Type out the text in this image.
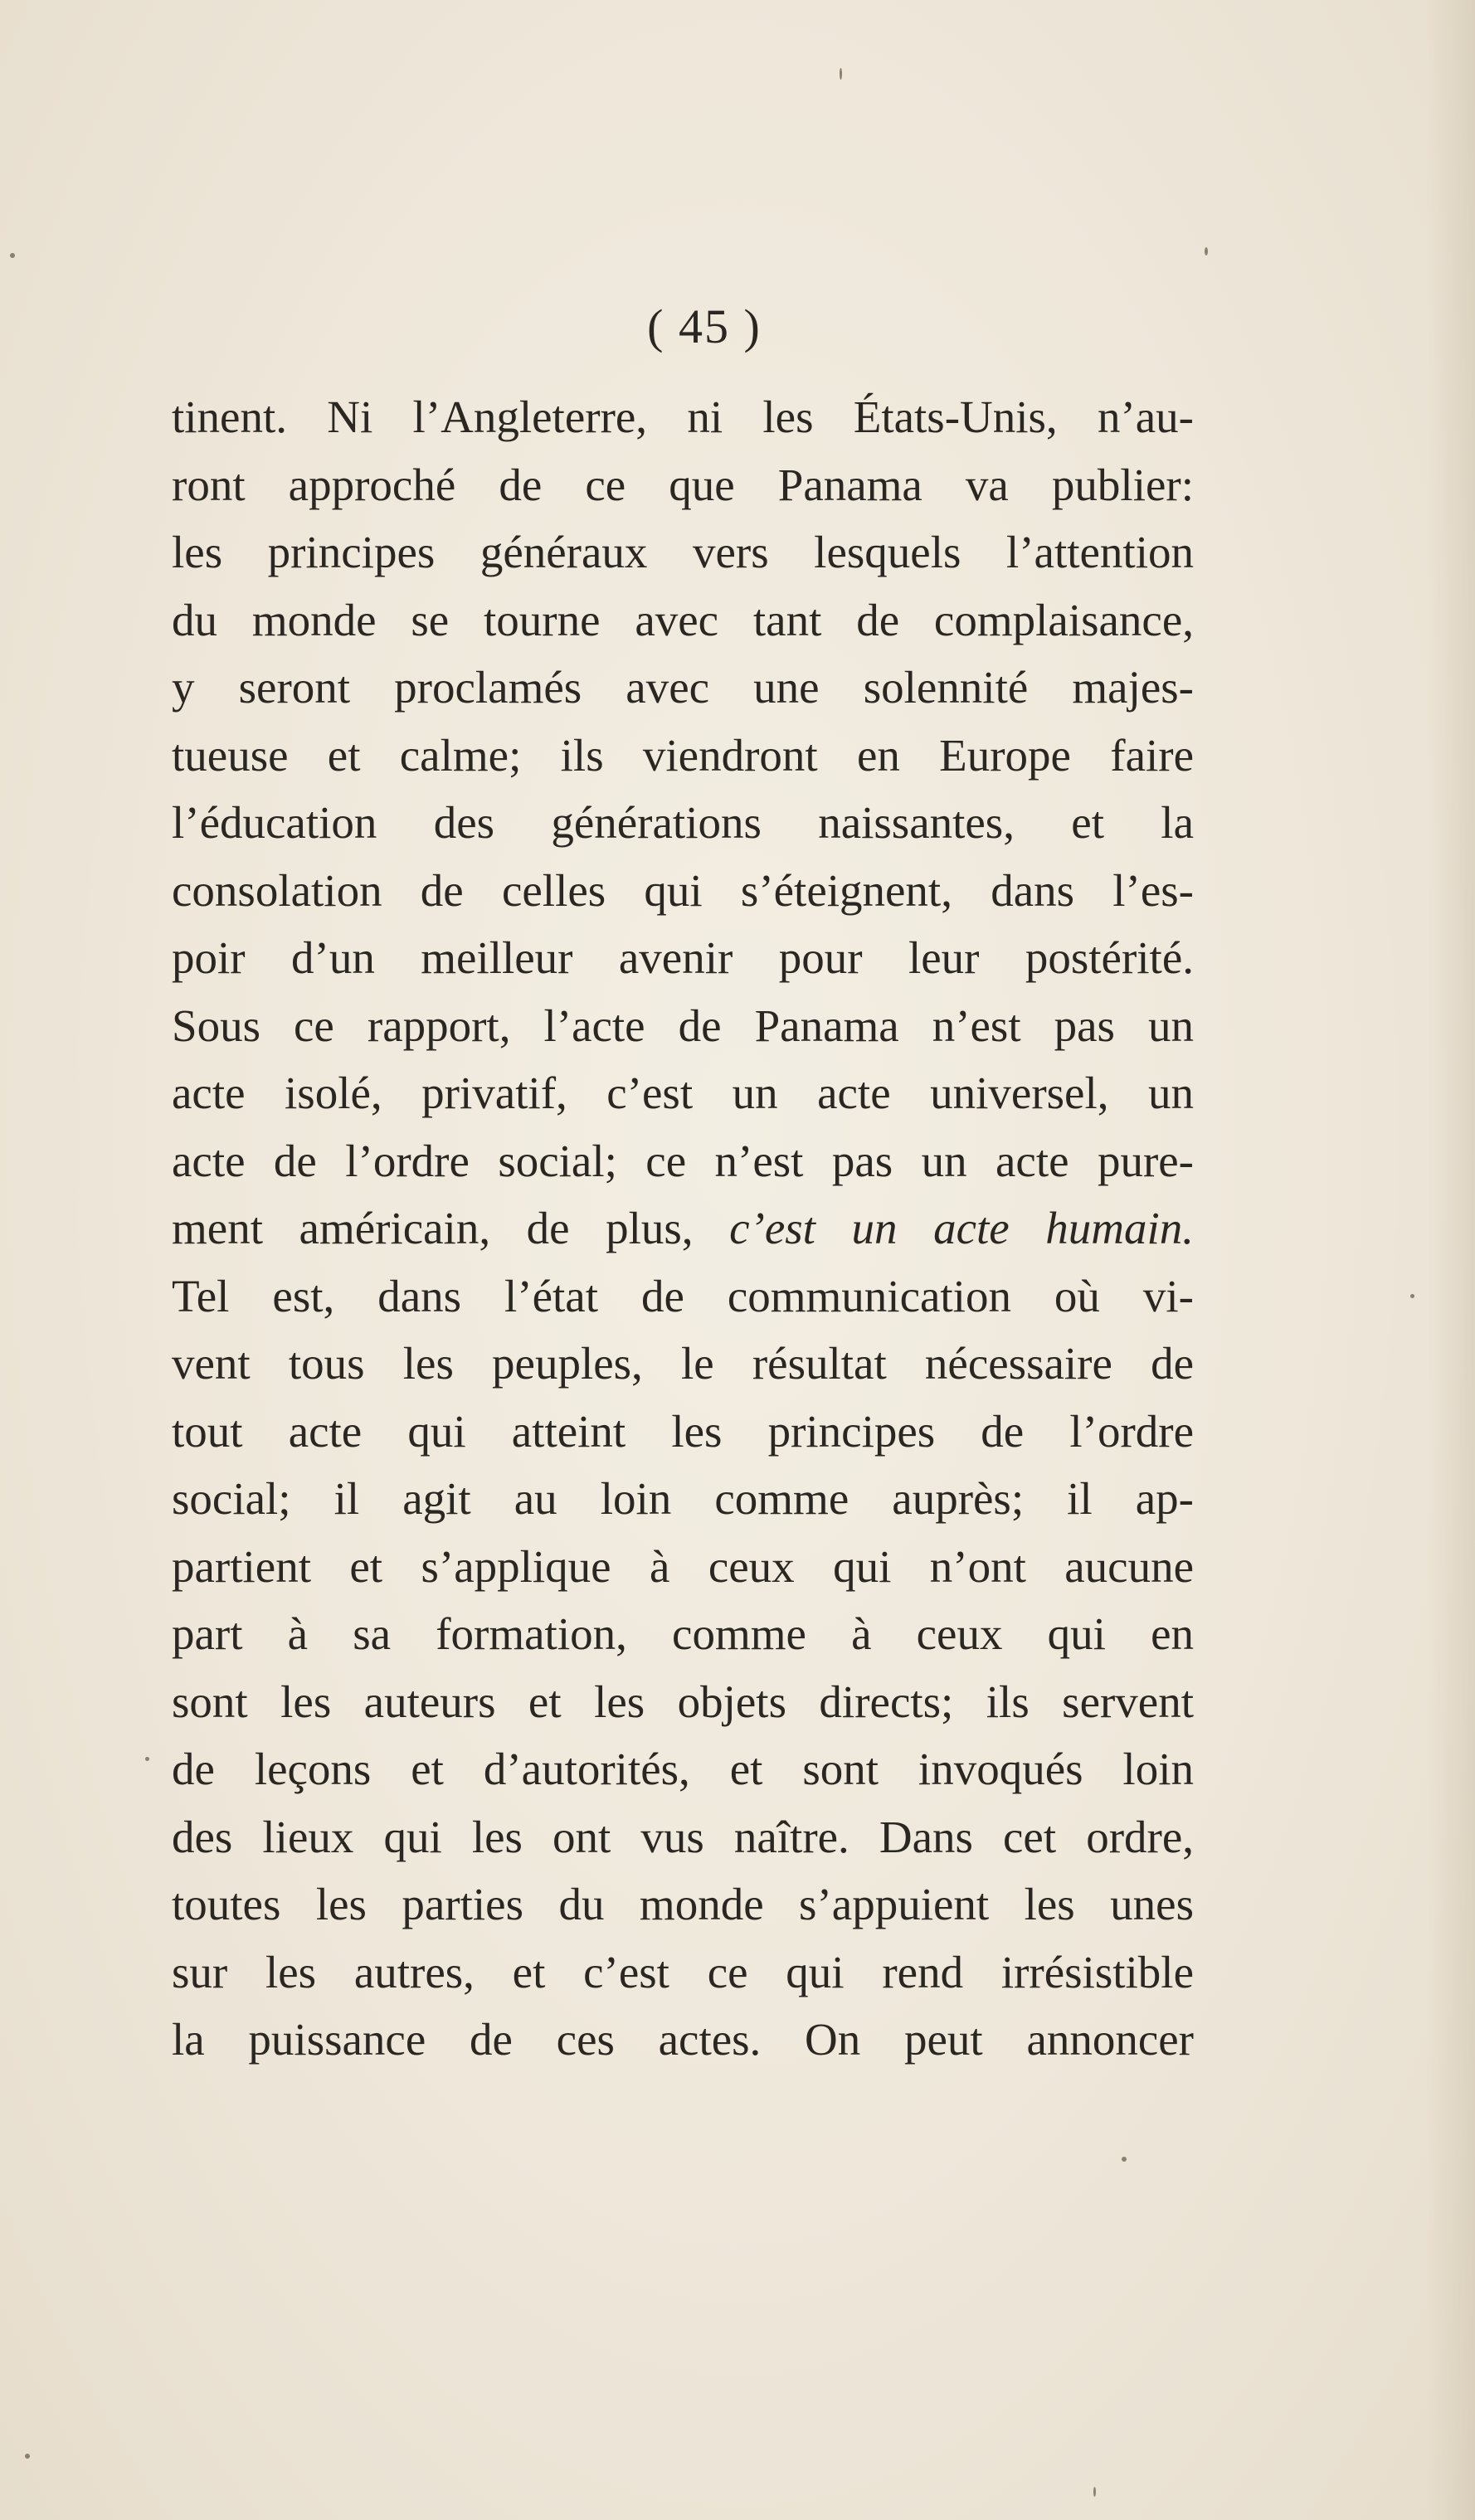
( 45 )
tinent. Ni l’Angleterre, ni les États-Unis, n’au-
ront approché de ce que Panama va publier:
les principes généraux vers lesquels l’attention
du monde se tourne avec tant de complaisance,
y seront proclamés avec une solennité majes-
tueuse et calme; ils viendront en Europe faire
l’éducation des générations naissantes, et la
consolation de celles qui s’éteignent, dans l’es-
poir d’un meilleur avenir pour leur postérité.
Sous ce rapport, l’acte de Panama n’est pas un
acte isolé, privatif, c’est un acte universel, un
acte de l’ordre social; ce n’est pas un acte pure-
ment américain, de plus, c’est un acte humain.
Tel est, dans l’état de communication où vi-
vent tous les peuples, le résultat nécessaire de
tout acte qui atteint les principes de l’ordre
social; il agit au loin comme auprès; il ap-
partient et s’applique à ceux qui n’ont aucune
part à sa formation, comme à ceux qui en
sont les auteurs et les objets directs; ils servent
de leçons et d’autorités, et sont invoqués loin
des lieux qui les ont vus naître. Dans cet ordre,
toutes les parties du monde s’appuient les unes
sur les autres, et c’est ce qui rend irrésistible
la puissance de ces actes. On peut annoncer
